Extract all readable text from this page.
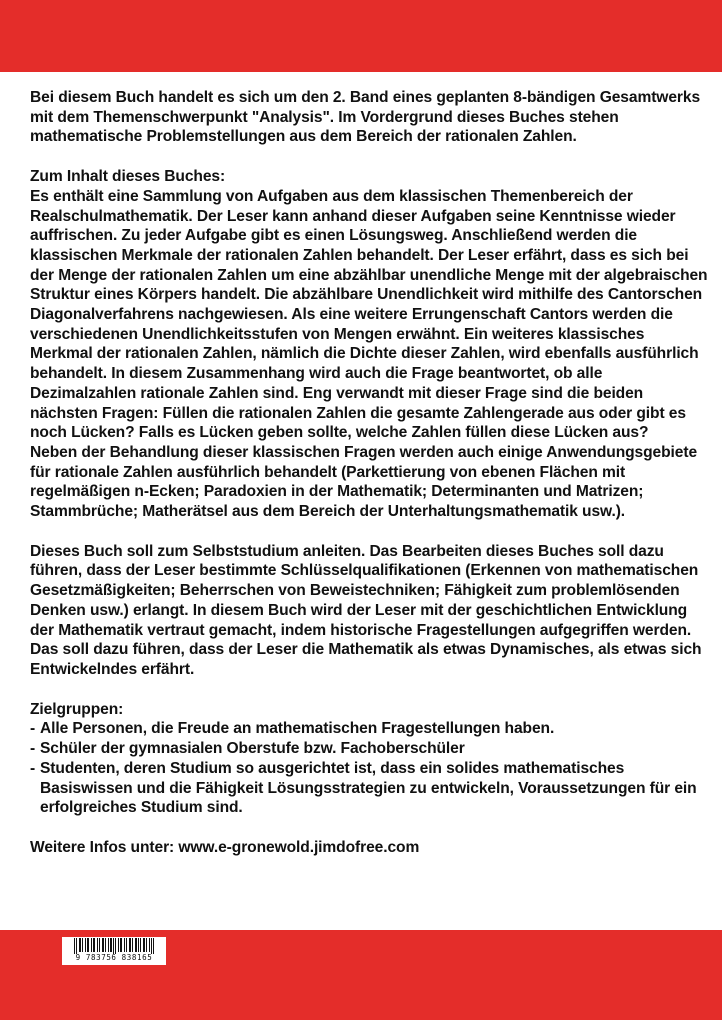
Bei diesem Buch handelt es sich um den 2. Band eines geplanten 8-bändigen Gesamtwerks mit dem Themenschwerpunkt "Analysis". Im Vordergrund dieses Buches stehen mathematische Problemstellungen aus dem Bereich der rationalen Zahlen.

Zum Inhalt dieses Buches:

Es enthält eine Sammlung von Aufgaben aus dem klassischen Themenbereich der Realschulmathematik. Der Leser kann anhand dieser Aufgaben seine Kenntnisse wieder auffrischen. Zu jeder Aufgabe gibt es einen Lösungsweg. Anschließend werden die klassischen Merkmale der rationalen Zahlen behandelt. Der Leser erfährt, dass es sich bei der Menge der rationalen Zahlen um eine abzählbar unendliche Menge mit der algebraischen Struktur eines Körpers handelt. Die abzählbare Unendlichkeit wird mithilfe des Cantorschen Diagonalverfahrens nachgewiesen. Als eine weitere Errungenschaft Cantors werden die verschiedenen Unendlichkeitsstufen von Mengen erwähnt. Ein weiteres klassisches Merkmal der rationalen Zahlen, nämlich die Dichte dieser Zahlen, wird ebenfalls ausführlich behandelt. In diesem Zusammenhang wird auch die Frage beantwortet, ob alle Dezimalzahlen rationale Zahlen sind. Eng verwandt mit dieser Frage sind die beiden nächsten Fragen: Füllen die rationalen Zahlen die gesamte Zahlengerade aus oder gibt es noch Lücken? Falls es Lücken geben sollte, welche Zahlen füllen diese Lücken aus?

Neben der Behandlung dieser klassischen Fragen werden auch einige Anwendungsgebiete für rationale Zahlen ausführlich behandelt (Parkettierung von ebenen Flächen mit regelmäßigen n-Ecken; Paradoxien in der Mathematik; Determinanten und Matrizen; Stammbrüche; Matherätsel aus dem Bereich der Unterhaltungsmathematik usw.).

Dieses Buch soll zum Selbststudium anleiten. Das Bearbeiten dieses Buches soll dazu führen, dass der Leser bestimmte Schlüsselqualifikationen (Erkennen von mathematischen Gesetzmäßigkeiten; Beherrschen von Beweistechniken; Fähigkeit zum problemlösenden Denken usw.) erlangt. In diesem Buch wird der Leser mit der geschichtlichen Entwicklung der Mathematik vertraut gemacht, indem historische Fragestellungen aufgegriffen werden. Das soll dazu führen, dass der Leser die Mathematik als etwas Dynamisches, als etwas sich Entwickelndes erfährt.

Zielgruppen:

- Alle Personen, die Freude an mathematischen Fragestellungen haben.
- Schüler der gymnasialen Oberstufe bzw. Fachoberschüler
- Studenten, deren Studium so ausgerichtet ist, dass ein solides mathematisches Basiswissen und die Fähigkeit Lösungsstrategien zu entwickeln, Voraussetzungen für ein erfolgreiches Studium sind.

Weitere Infos unter: www.e-gronewold.jimdofree.com

9 783756 838165
